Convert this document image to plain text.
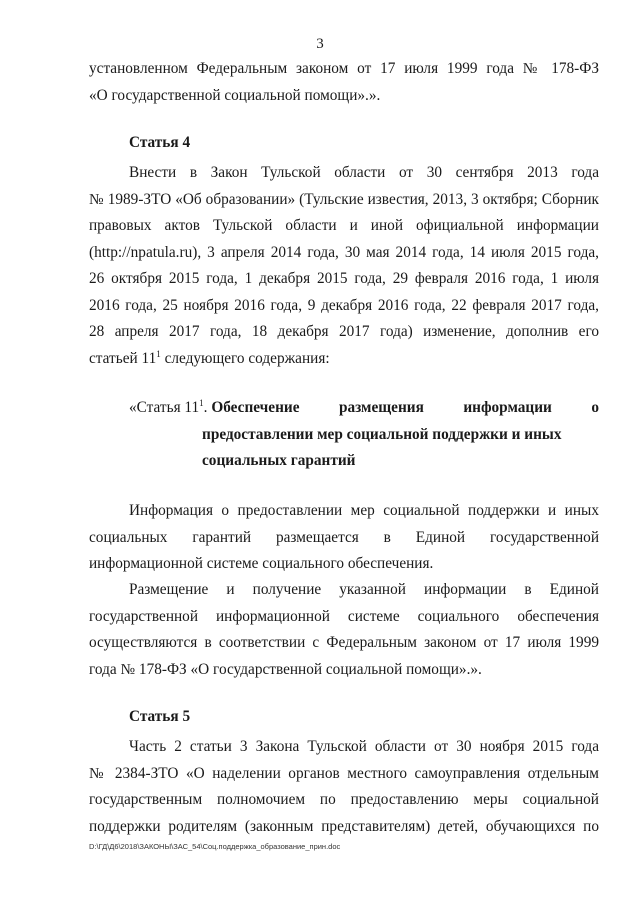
3

установленном Федеральным законом от 17 июля 1999 года № 178-ФЗ

«О государственной социальной помощи».».

Статья 4

Внести в Закон Тульской области от 30 сентября 2013 года

№ 1989-ЗТО «Об образовании» (Тульские известия, 2013, 3 октября; Сборник

правовых актов Тульской области и иной официальной информации

(http://npatula.ru), 3 апреля 2014 года, 30 мая 2014 года, 14 июля 2015 года,

26 октября 2015 года, 1 декабря 2015 года, 29 февраля 2016 года, 1 июля

2016 года, 25 ноября 2016 года, 9 декабря 2016 года, 22 февраля 2017 года,

28 апреля 2017 года, 18 декабря 2017 года) изменение, дополнив его

статьей $11^1$ следующего содержания:

«Статья $11^1$. Обеспечение	размещения	информации	о
предоставлении мер социальной поддержки и иных
социальных гарантий

Информация о предоставлении мер социальной поддержки и иных

социальных гарантий размещается в Единой государственной

информационной системе социального обеспечения.

Размещение и получение указанной информации в Единой

государственной информационной системе социального обеспечения

осуществляются в соответствии с Федеральным законом от 17 июля 1999

года № 178-ФЗ «О государственной социальной помощи».».

Статья 5

Часть 2 статьи 3 Закона Тульской области от 30 ноября 2015 года

№ 2384-ЗТО «О наделении органов местного самоуправления отдельным

государственным полномочием по предоставлению меры социальной

поддержки родителям (законным представителям) детей, обучающихся по

D:\ГД\Д6\2018\ЗАКОНЫ\ЗАС_54\Соц.поддержка_образование_прин.doc
